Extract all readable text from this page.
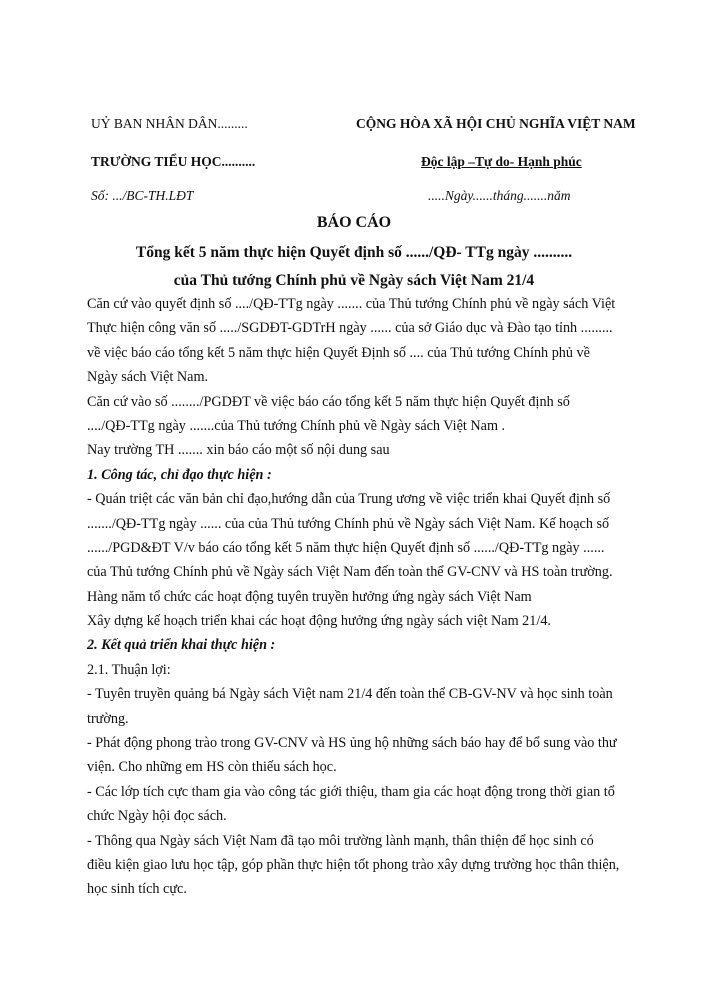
UỶ BAN NHÂN DÂN.........	CỘNG HÒA XÃ HỘI CHỦ NGHĨA VIỆT NAM
TRƯỜNG TIỂU HỌC..........	Độc lập –Tự do- Hạnh phúc
Số: .../BC-TH.LĐT	.....Ngày......tháng.......năm
BÁO CÁO
Tổng kết 5 năm thực hiện Quyết định số ....../QĐ- TTg ngày ..........
của Thủ tướng Chính phủ về Ngày sách Việt Nam 21/4
Căn cứ vào quyết định số ..../QĐ-TTg ngày ....... của Thủ tướng Chính phủ về ngày sách Việt
Thực hiện công văn số ...../SGDĐT-GDTrH ngày ...... của sở Giáo dục và Đào tạo tỉnh .........
về việc báo cáo tổng kết 5 năm thực hiện Quyết Định số .... của Thủ tướng Chính phủ về
Ngày sách Việt Nam.
Căn cứ vào số ......../PGDĐT về việc báo cáo tổng kết 5 năm thực hiện Quyết định số
..../QĐ-TTg ngày .......của Thủ tướng Chính phủ về Ngày sách Việt Nam .
Nay trường TH ....... xin báo cáo một số nội dung sau
1. Công tác, chỉ đạo thực hiện :
- Quán triệt các văn bản chỉ đạo,hướng dẫn của Trung ương về việc triển khai Quyết định số
......./QĐ-TTg ngày ...... của của Thủ tướng Chính phủ về Ngày sách Việt Nam. Kế hoạch số
....../PGD&ĐT V/v báo cáo tổng kết 5 năm thực hiện Quyết định số ....../QĐ-TTg ngày ......
của Thủ tướng Chính phủ về Ngày sách Việt Nam đến toàn thể GV-CNV và HS toàn trường.
Hàng năm tổ chức các hoạt động tuyên truyền hưởng ứng ngày sách Việt Nam
Xây dựng kế hoạch triển khai các hoạt động hưởng ứng ngày sách việt Nam 21/4.
2. Kết quả triển khai thực hiện :
2.1. Thuận lợi:
- Tuyên truyền quảng bá Ngày sách Việt nam 21/4 đến toàn thể CB-GV-NV và học sinh toàn
trường.
- Phát động phong trào trong GV-CNV và HS ủng hộ những sách báo hay để bổ sung vào thư
viện. Cho những em HS còn thiếu sách học.
- Các lớp tích cực tham gia vào công tác giới thiệu, tham gia các hoạt động trong thời gian tổ
chức Ngày hội đọc sách.
- Thông qua Ngày sách Việt Nam đã tạo môi trường lành mạnh, thân thiện để học sinh có
điều kiện giao lưu học tập, góp phần thực hiện tốt phong trào xây dựng trường học thân thiện,
học sinh tích cực.
